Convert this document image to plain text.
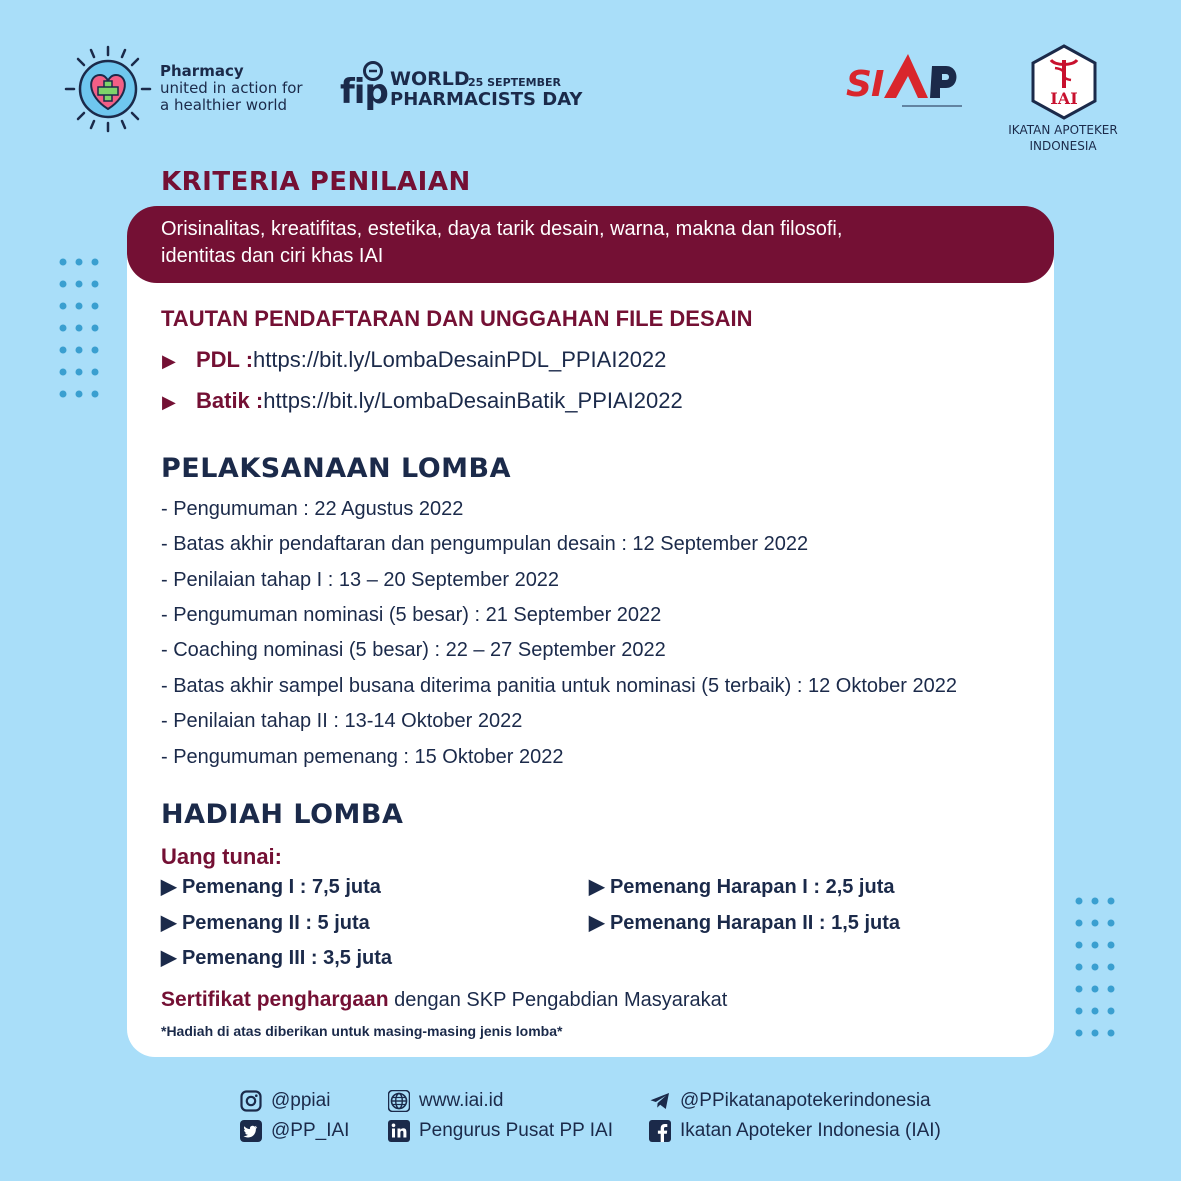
Pharmacy
united in action for
a healthier world fip WORLD
25 SEPTEMBER
PHARMACISTS DAY	S I	IAI
IKATAN APOTEKER
INDONESIA
KRITERIA PENILAIAN
Orisinalitas, kreatifitas, estetika, daya tarik desain, warna, makna dan filosofi,
identitas dan ciri khas IAI
TAUTAN PENDAFTARAN DAN UNGGAHAN FILE DESAIN
▶ PDL :https://bit.ly/LombaDesainPDL_PPIAI2022
▶ Batik :https://bit.ly/LombaDesainBatik_PPIAI2022
PELAKSANAAN LOMBA
- Pengumuman : 22 Agustus 2022
- Batas akhir pendaftaran dan pengumpulan desain : 12 September 2022
- Penilaian tahap I : 13 – 20 September 2022
- Pengumuman nominasi (5 besar) : 21 September 2022
- Coaching nominasi (5 besar) : 22 – 27 September 2022
- Batas akhir sampel busana diterima panitia untuk nominasi (5 terbaik) : 12 Oktober 2022
- Penilaian tahap II : 13-14 Oktober 2022
- Pengumuman pemenang : 15 Oktober 2022
HADIAH LOMBA
Uang tunai:
▶ Pemenang I : 7,5 juta
▶ Pemenang II : 5 juta
▶ Pemenang III : 3,5 juta
▶ Pemenang Harapan I : 2,5 juta
▶ Pemenang Harapan II : 1,5 juta
Sertifikat penghargaan dengan SKP Pengabdian Masyarakat
*Hadiah di atas diberikan untuk masing-masing jenis lomba*
@ppiai
@PP_IAI
www.iai.id
Pengurus Pusat PP IAI
@PPikatanapotekerindonesia
Ikatan Apoteker Indonesia (IAI)
